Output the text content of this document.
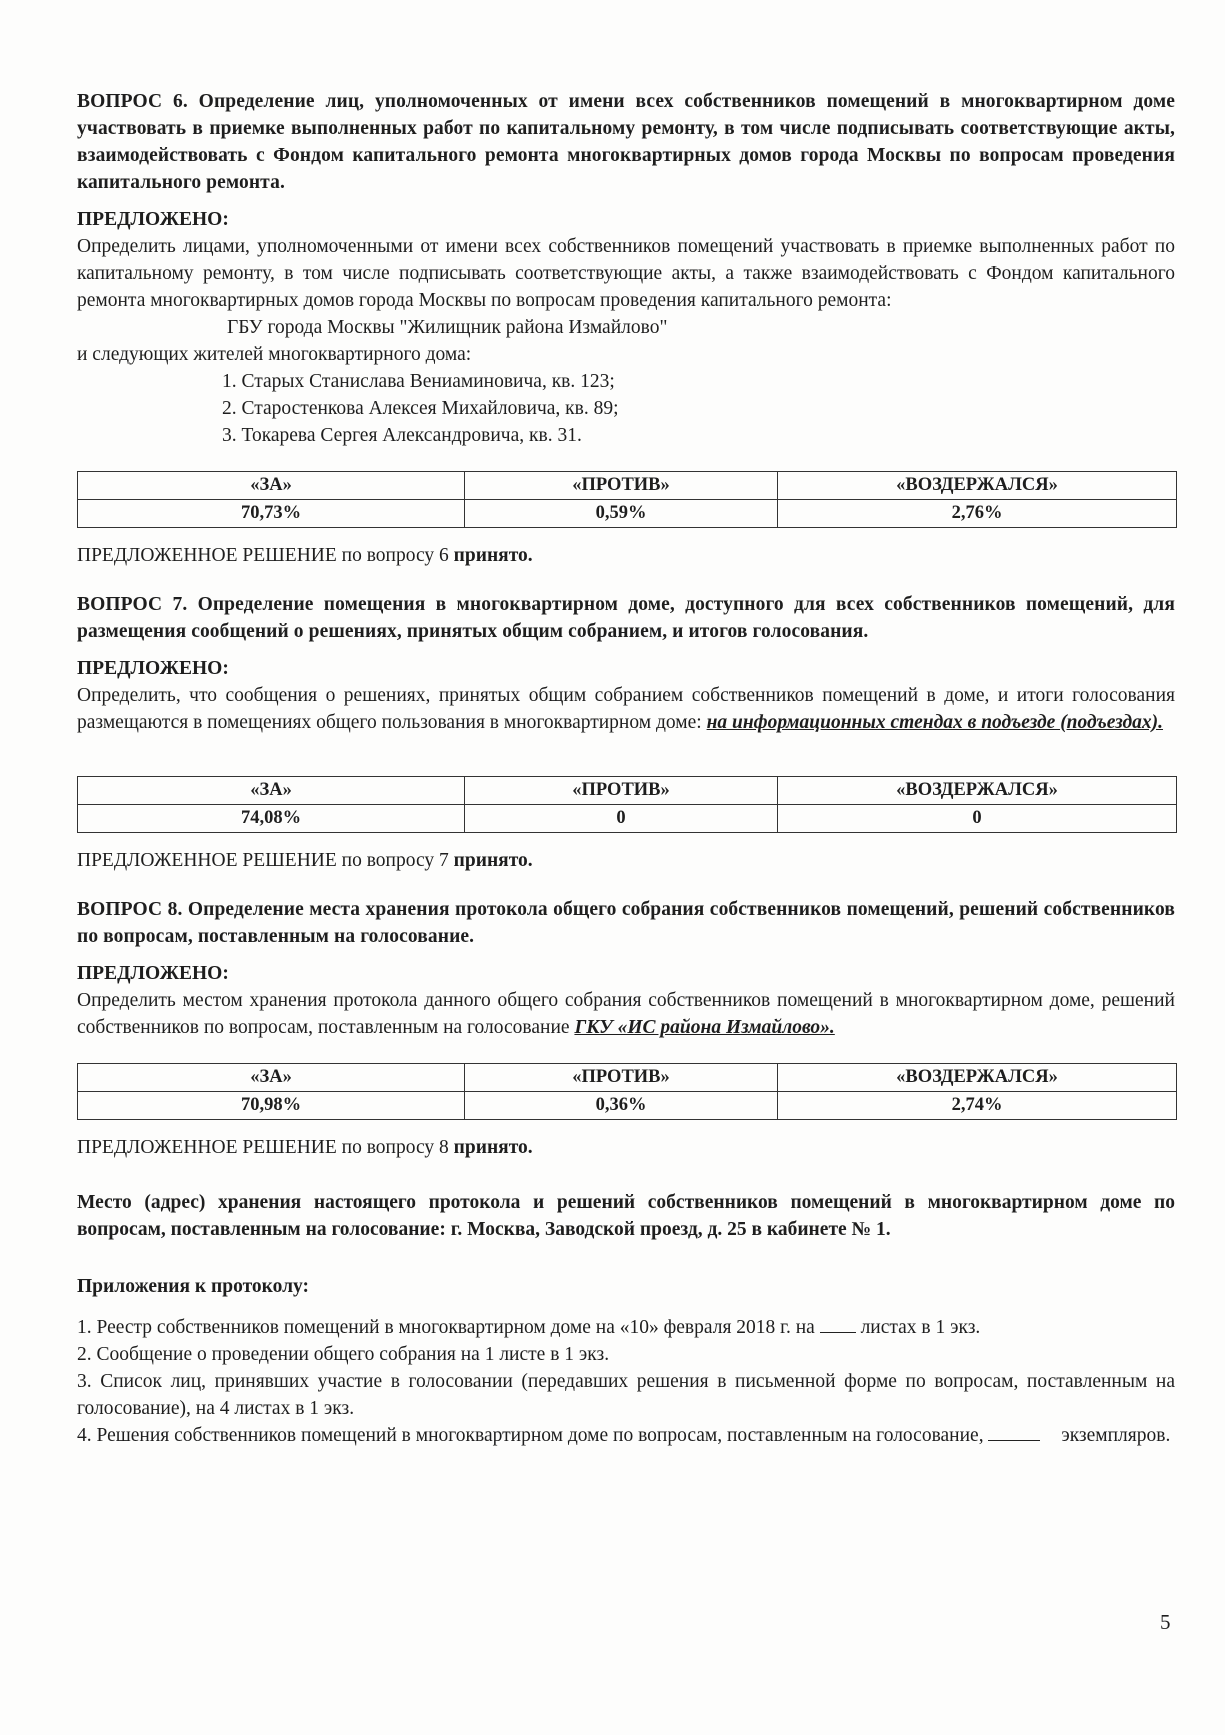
ВОПРОС 6. Определение лиц, уполномоченных от имени всех собственников помещений в многоквартирном доме участвовать в приемке выполненных работ по капитальному ремонту, в том числе подписывать соответствующие акты, взаимодействовать с Фондом капитального ремонта многоквартирных домов города Москвы по вопросам проведения капитального ремонта.

ПРЕДЛОЖЕНО:

Определить лицами, уполномоченными от имени всех собственников помещений участвовать в приемке выполненных работ по капитальному ремонту, в том числе подписывать соответствующие акты, а также взаимодействовать с Фондом капитального ремонта многоквартирных домов города Москвы по вопросам проведения капитального ремонта:

ГБУ города Москвы "Жилищник района Измайлово"

и следующих жителей многоквартирного дома:

1. Старых Станислава Вениаминовича, кв. 123;

2. Старостенкова Алексея Михайловича, кв. 89;

3. Токарева Сергея Александровича, кв. 31.

«ЗА»	«ПРОТИВ»	«ВОЗДЕРЖАЛСЯ»
70,73%	0,59%	2,76%

ПРЕДЛОЖЕННОЕ РЕШЕНИЕ по вопросу 6 принято.

ВОПРОС 7. Определение помещения в многоквартирном доме, доступного для всех собственников помещений, для размещения сообщений о решениях, принятых общим собранием, и итогов голосования.

ПРЕДЛОЖЕНО:

Определить, что сообщения о решениях, принятых общим собранием собственников помещений в доме, и итоги голосования размещаются в помещениях общего пользования в многоквартирном доме: на информационных стендах в подъезде (подъездах).

«ЗА»	«ПРОТИВ»	«ВОЗДЕРЖАЛСЯ»
74,08%	0	0

ПРЕДЛОЖЕННОЕ РЕШЕНИЕ по вопросу 7 принято.

ВОПРОС 8. Определение места хранения протокола общего собрания собственников помещений, решений собственников по вопросам, поставленным на голосование.

ПРЕДЛОЖЕНО:

Определить местом хранения протокола данного общего собрания собственников помещений в многоквартирном доме, решений собственников по вопросам, поставленным на голосование ГКУ «ИС района Измайлово».

«ЗА»	«ПРОТИВ»	«ВОЗДЕРЖАЛСЯ»
70,98%	0,36%	2,74%

ПРЕДЛОЖЕННОЕ РЕШЕНИЕ по вопросу 8 принято.

Место (адрес) хранения настоящего протокола и решений собственников помещений в многоквартирном доме по вопросам, поставленным на голосование: г. Москва, Заводской проезд, д. 25 в кабинете № 1.

Приложения к протоколу:

1. Реестр собственников помещений в многоквартирном доме на «10» февраля 2018 г. на листах в 1 экз.

2. Сообщение о проведении общего собрания на 1 листе в 1 экз.

3. Список лиц, принявших участие в голосовании (передавших решения в письменной форме по вопросам, поставленным на голосование), на 4 листах в 1 экз.

4. Решения собственников помещений в многоквартирном доме по вопросам, поставленным на голосование,	экземпляров.

5
